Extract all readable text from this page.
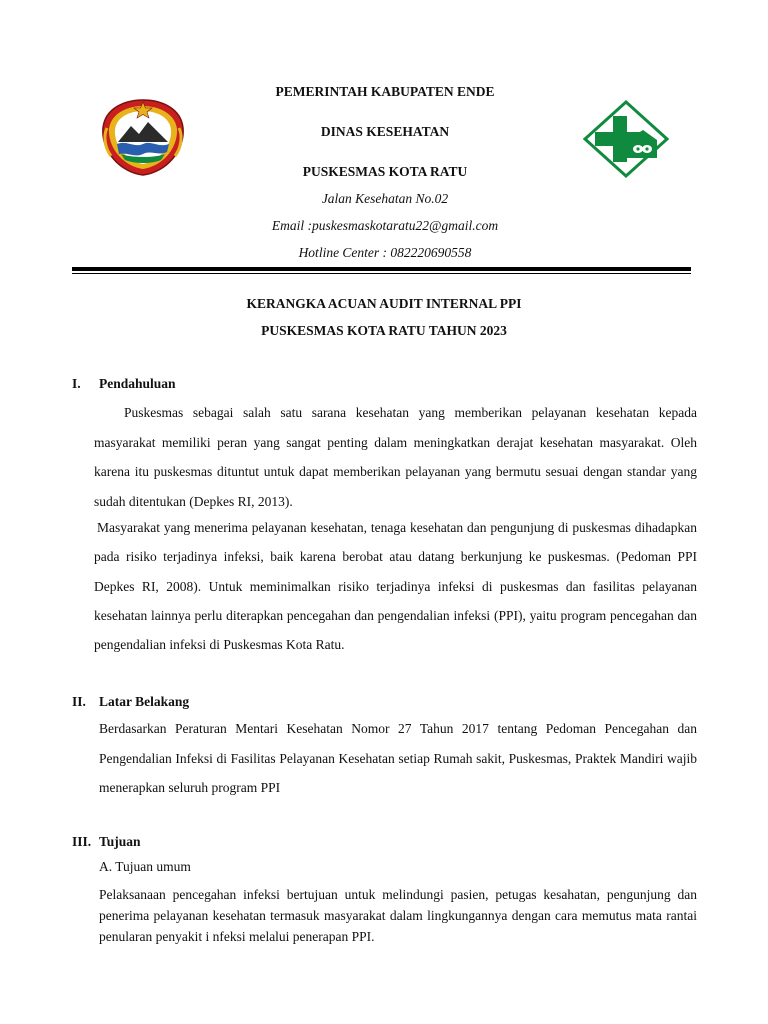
PEMERINTAH KABUPATEN ENDE
DINAS KESEHATAN
PUSKESMAS KOTA RATU
Jalan Kesehatan No.02
Email :puskesmaskotaratu22@gmail.com
Hotline Center : 082220690558
KERANGKA ACUAN AUDIT INTERNAL PPI
PUSKESMAS KOTA RATU TAHUN 2023
I. Pendahuluan

Puskesmas sebagai salah satu sarana kesehatan yang memberikan pelayanan kesehatan kepada masyarakat memiliki peran yang sangat penting dalam meningkatkan derajat kesehatan masyarakat. Oleh karena itu puskesmas dituntut untuk dapat memberikan pelayanan yang bermutu sesuai dengan standar yang sudah ditentukan (Depkes RI, 2013).

Masyarakat yang menerima pelayanan kesehatan, tenaga kesehatan dan pengunjung di puskesmas dihadapkan pada risiko terjadinya infeksi, baik karena berobat atau datang berkunjung ke puskesmas. (Pedoman PPI Depkes RI, 2008). Untuk meminimalkan risiko terjadinya infeksi di puskesmas dan fasilitas pelayanan kesehatan lainnya perlu diterapkan pencegahan dan pengendalian infeksi (PPI), yaitu program pencegahan dan pengendalian infeksi di Puskesmas Kota Ratu.

II. Latar Belakang

Berdasarkan Peraturan Mentari Kesehatan Nomor 27 Tahun 2017 tentang Pedoman Pencegahan dan Pengendalian Infeksi di Fasilitas Pelayanan Kesehatan setiap Rumah sakit, Puskesmas, Praktek Mandiri wajib menerapkan seluruh program PPI

III. Tujuan
A. Tujuan umum

Pelaksanaan pencegahan infeksi bertujuan untuk melindungi pasien, petugas kesahatan, pengunjung dan penerima pelayanan kesehatan termasuk masyarakat dalam lingkungannya dengan cara memutus mata rantai penularan penyakit i nfeksi melalui penerapan PPI.
